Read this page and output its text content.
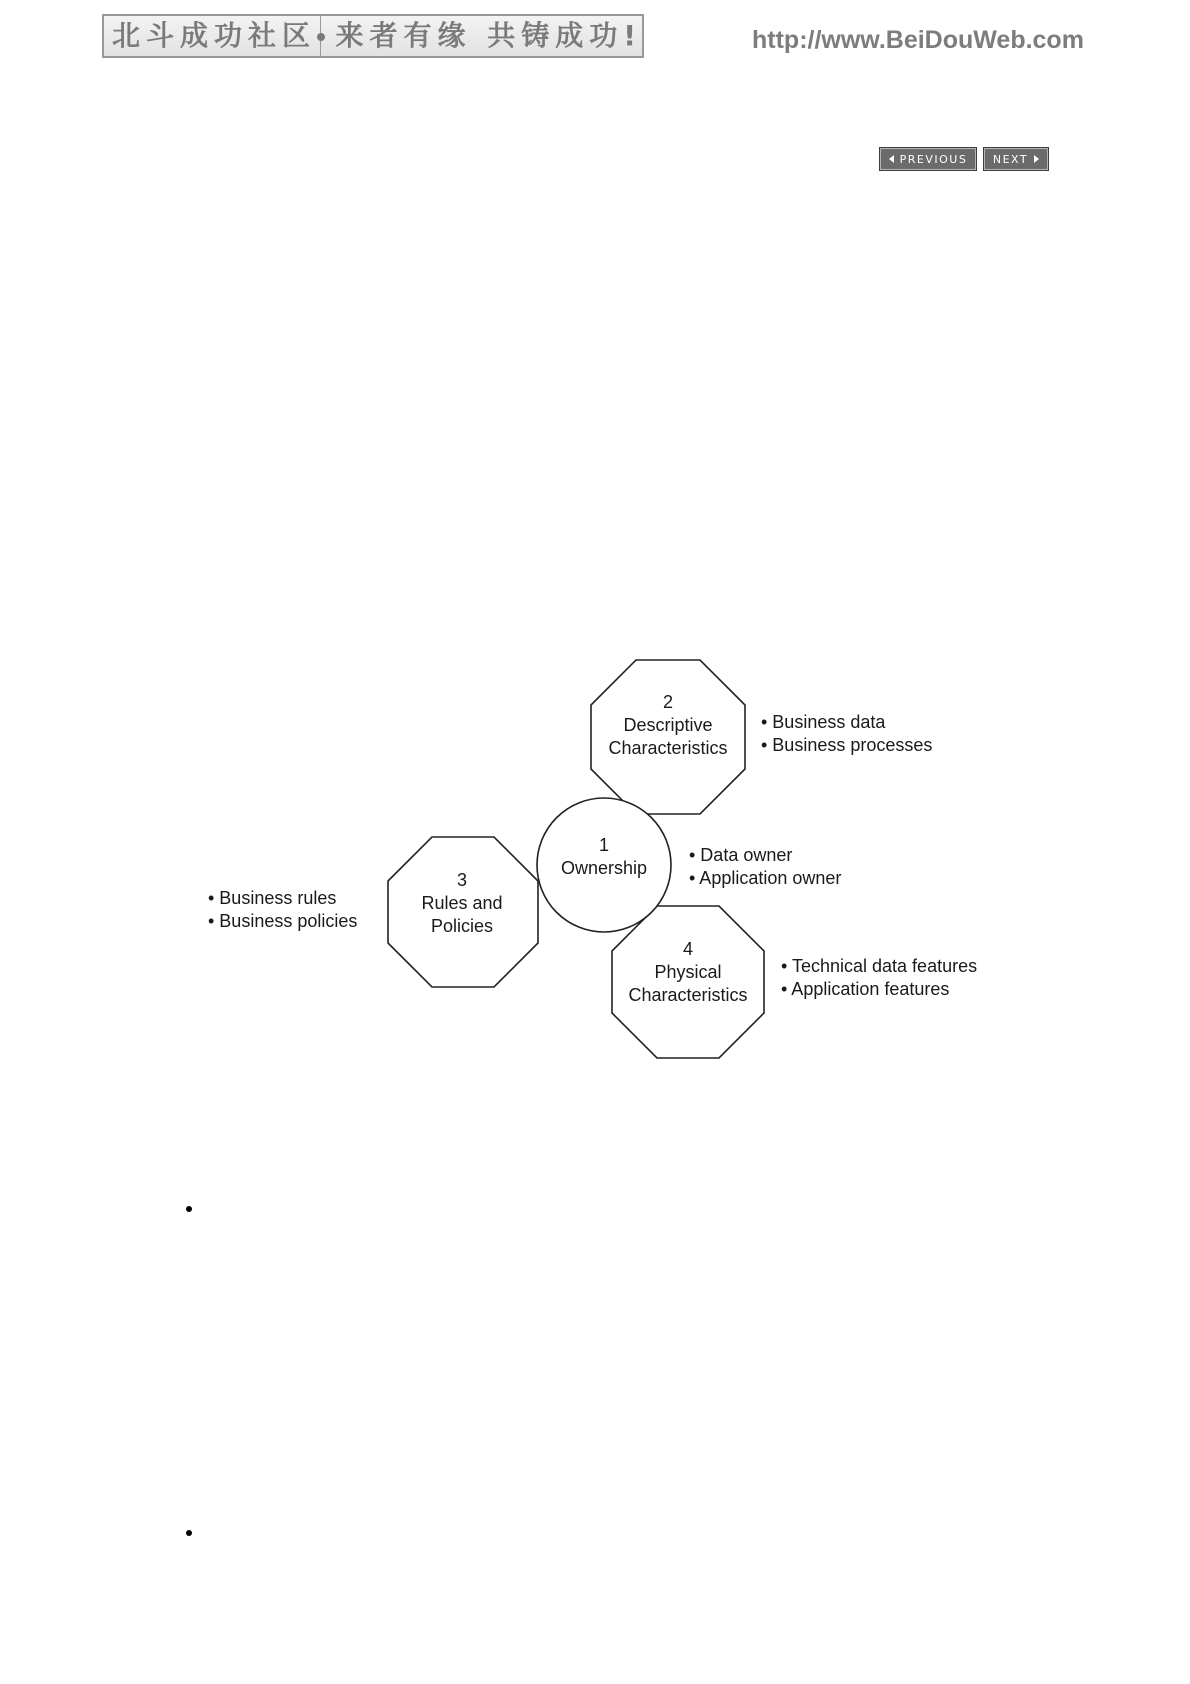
北斗成功社区 来者有缘 共铸成功!	http://www.BeiDouWeb.com
PREVIOUS NEXT
2
Descriptive
Characteristics
• Business data
• Business processes
1
Ownership
• Data owner
• Application owner
3
Rules and
Policies
• Business rules
• Business policies
4
Physical
Characteristics
• Technical data features
• Application features
